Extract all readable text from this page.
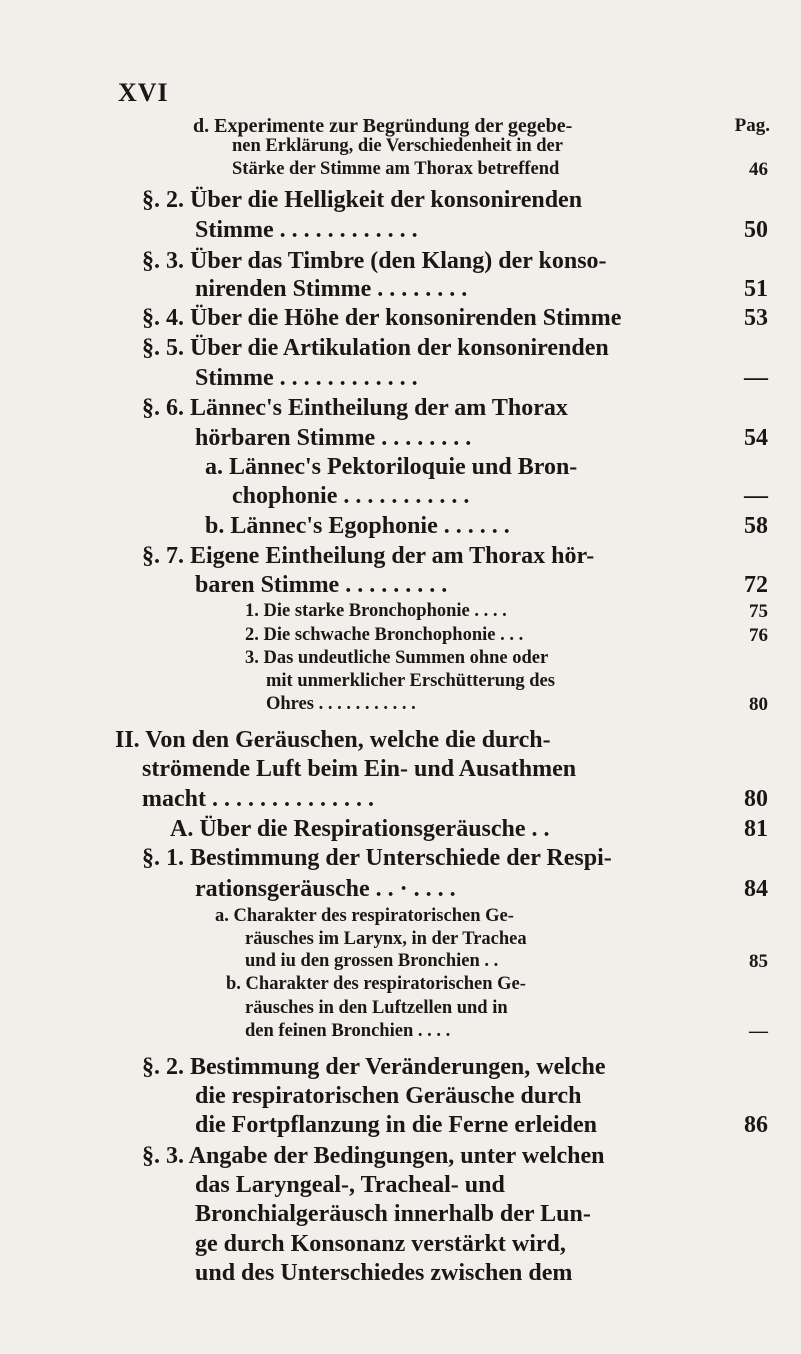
XVI
d. Experimente zur Begründung der gegebe-
nen Erklärung, die Verschiedenheit in der
Stärke der Stimme am Thorax betreffend	46
§. 2. Über die Helligkeit der konsonirenden
Stimme . . . . . . . . . . . .	50
§. 3. Über das Timbre (den Klang) der konso-
nirenden Stimme . . . . . . . .	51
§. 4. Über die Höhe der konsonirenden Stimme	53
§. 5. Über die Artikulation der konsonirenden
Stimme . . . . . . . . . . . .	—
§. 6. Lännec's Eintheilung der am Thorax
hörbaren Stimme . . . . . . . .	54
a. Lännec's Pektoriloquie und Bron-
chophonie . . . . . . . . . . .	—
b. Lännec's Egophonie . . . . . .	58
§. 7. Eigene Eintheilung der am Thorax hör-
baren Stimme . . . . . . . . .	72
1. Die starke Bronchophonie . . . .	75
2. Die schwache Bronchophonie . . .	76
3. Das undeutliche Summen ohne oder
mit unmerklicher Erschütterung des
Ohres . . . . . . . . . . .	80
II. Von den Geräuschen, welche die durch-
strömende Luft beim Ein- und Ausathmen
macht . . . . . . . . . . . . . .	80
A. Über die Respirationsgeräusche . .	81
§. 1. Bestimmung der Unterschiede der Respi-
rationsgeräusche . . · . . . .	84
a. Charakter des respiratorischen Ge-
räusches im Larynx, in der Trachea
und iu den grossen Bronchien . .	85
b. Charakter des respiratorischen Ge-
räusches in den Luftzellen und in
den feinen Bronchien . . . .	—
§. 2. Bestimmung der Veränderungen, welche
die respiratorischen Geräusche durch
die Fortpflanzung in die Ferne erleiden	86
§. 3. Angabe der Bedingungen, unter welchen
das Laryngeal-, Tracheal- und
Bronchialgeräusch innerhalb der Lun-
ge durch Konsonanz verstärkt wird,
und des Unterschiedes zwischen dem
Pag.
